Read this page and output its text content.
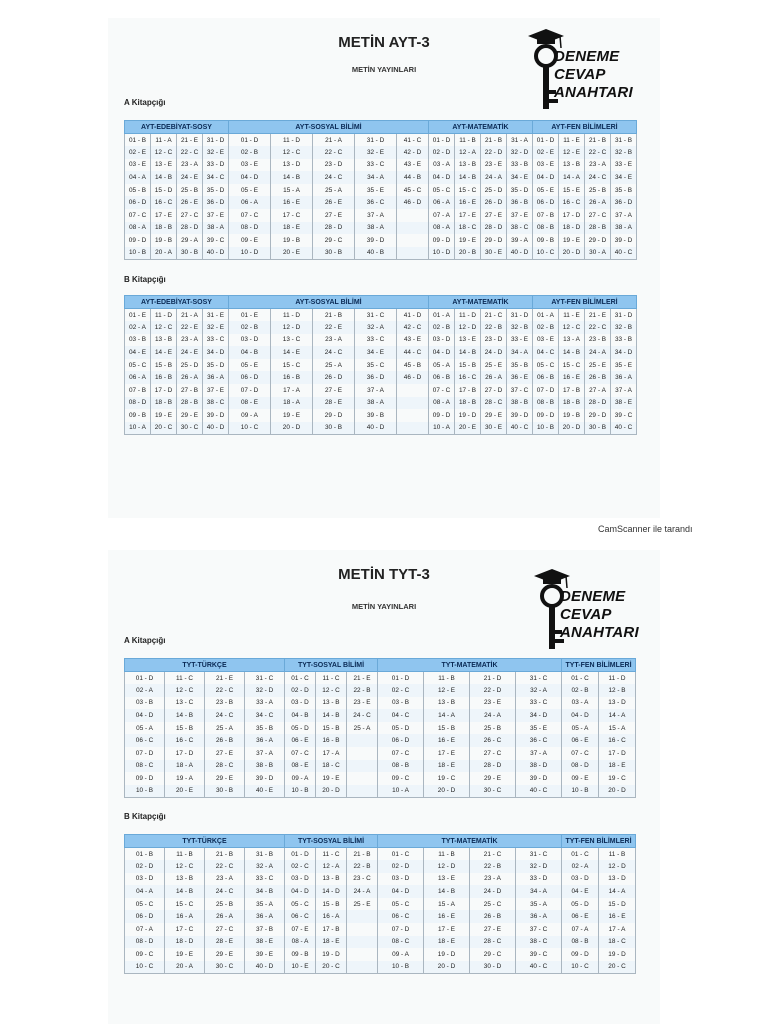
METİN AYT-3
METİN YAYINLARI
DENEME
CEVAP
ANAHTARI
A Kitapçığı
AYT-EDEBİYAT-SOSY				AYT-SOSYAL BİLİMİ					AYT-MATEMATİK				AYT-FEN BİLİMLERİ			
01 - B	11 - A	21 - E	31 - D	01 - D	11 - D	21 - A	31 - D	41 - C	01 - D	11 - B	21 - B	31 - A	01 - D	11 - E	21 - B	31 - B
02 - E	12 - C	22 - C	32 - E	02 - B	12 - C	22 - C	32 - E	42 - D	02 - D	12 - A	22 - D	32 - D	02 - E	12 - E	22 - C	32 - B
03 - E	13 - E	23 - A	33 - D	03 - E	13 - D	23 - D	33 - C	43 - E	03 - A	13 - B	23 - E	33 - B	03 - E	13 - B	23 - A	33 - E
04 - A	14 - B	24 - E	34 - C	04 - D	14 - B	24 - C	34 - A	44 - B	04 - D	14 - B	24 - A	34 - E	04 - D	14 - A	24 - C	34 - E
05 - B	15 - D	25 - B	35 - D	05 - E	15 - A	25 - A	35 - E	45 - C	05 - C	15 - C	25 - D	35 - D	05 - E	15 - E	25 - B	35 - B
06 - D	16 - C	26 - E	36 - D	06 - A	16 - E	26 - E	36 - C	46 - D	06 - A	16 - E	26 - D	36 - B	06 - D	16 - C	26 - A	36 - D
07 - C	17 - E	27 - C	37 - E	07 - C	17 - C	27 - E	37 - A		07 - A	17 - E	27 - E	37 - E	07 - B	17 - D	27 - C	37 - A
08 - A	18 - B	28 - D	38 - A	08 - D	18 - E	28 - D	38 - A		08 - A	18 - C	28 - D	38 - C	08 - B	18 - D	28 - B	38 - A
09 - D	19 - B	29 - A	39 - C	09 - E	19 - B	29 - C	39 - D		09 - D	19 - E	29 - D	39 - A	09 - B	19 - E	29 - D	39 - D
10 - B	20 - A	30 - B	40 - D	10 - D	20 - E	30 - B	40 - B		10 - D	20 - B	30 - E	40 - D	10 - C	20 - D	30 - A	40 - C
B Kitapçığı
AYT-EDEBİYAT-SOSY				AYT-SOSYAL BİLİMİ					AYT-MATEMATİK				AYT-FEN BİLİMLERİ			
01 - E	11 - D	21 - A	31 - E	01 - E	11 - D	21 - B	31 - C	41 - D	01 - A	11 - D	21 - C	31 - D	01 - A	11 - E	21 - E	31 - D
02 - A	12 - C	22 - E	32 - E	02 - B	12 - D	22 - E	32 - A	42 - C	02 - B	12 - D	22 - B	32 - B	02 - B	12 - C	22 - C	32 - B
03 - B	13 - B	23 - A	33 - C	03 - D	13 - C	23 - A	33 - C	43 - E	03 - D	13 - E	23 - D	33 - E	03 - E	13 - A	23 - B	33 - B
04 - E	14 - E	24 - E	34 - D	04 - B	14 - E	24 - C	34 - E	44 - C	04 - D	14 - B	24 - D	34 - A	04 - C	14 - B	24 - A	34 - D
05 - C	15 - B	25 - D	35 - D	05 - E	15 - C	25 - A	35 - C	45 - B	05 - A	15 - B	25 - E	35 - B	05 - C	15 - C	25 - E	35 - E
06 - A	16 - B	26 - A	36 - A	06 - D	16 - B	26 - D	36 - D	46 - D	06 - B	16 - C	26 - A	36 - E	06 - B	16 - E	26 - B	36 - A
07 - B	17 - D	27 - B	37 - E	07 - D	17 - A	27 - E	37 - A		07 - C	17 - B	27 - D	37 - C	07 - D	17 - B	27 - A	37 - A
08 - D	18 - B	28 - B	38 - C	08 - E	18 - A	28 - E	38 - A		08 - A	18 - B	28 - C	38 - B	08 - B	18 - B	28 - D	38 - E
09 - B	19 - E	29 - E	39 - D	09 - A	19 - E	29 - D	39 - B		09 - D	19 - D	29 - E	39 - D	09 - D	19 - B	29 - D	39 - C
10 - A	20 - C	30 - C	40 - D	10 - C	20 - D	30 - B	40 - D		10 - A	20 - E	30 - E	40 - C	10 - B	20 - D	30 - B	40 - C
CamScanner ile tarandı
METİN TYT-3
METİN YAYINLARI
DENEME
CEVAP
ANAHTARI
A Kitapçığı
TYT-TÜRKÇE				TYT-SOSYAL BİLİMİ			TYT-MATEMATİK				TYT-FEN BİLİMLERİ	
01 - D	11 - C	21 - E	31 - C	01 - C	11 - C	21 - E	01 - D	11 - B	21 - D	31 - C	01 - C	11 - D
02 - A	12 - C	22 - C	32 - D	02 - D	12 - C	22 - B	02 - C	12 - E	22 - D	32 - A	02 - B	12 - B
03 - B	13 - C	23 - B	33 - A	03 - D	13 - B	23 - E	03 - B	13 - B	23 - E	33 - C	03 - A	13 - D
04 - D	14 - B	24 - C	34 - C	04 - B	14 - B	24 - C	04 - C	14 - A	24 - A	34 - D	04 - D	14 - A
05 - A	15 - B	25 - A	35 - B	05 - D	15 - B	25 - A	05 - D	15 - B	25 - B	35 - E	05 - A	15 - A
06 - C	16 - C	26 - B	36 - A	06 - E	16 - B		06 - D	16 - E	26 - C	36 - C	06 - E	16 - C
07 - D	17 - D	27 - E	37 - A	07 - C	17 - A		07 - C	17 - E	27 - C	37 - A	07 - C	17 - D
08 - C	18 - A	28 - C	38 - B	08 - E	18 - C		08 - B	18 - E	28 - D	38 - D	08 - D	18 - E
09 - D	19 - A	29 - E	39 - D	09 - A	19 - E		09 - C	19 - C	29 - E	39 - D	09 - E	19 - C
10 - B	20 - E	30 - B	40 - E	10 - B	20 - D		10 - A	20 - D	30 - C	40 - C	10 - B	20 - D
B Kitapçığı
TYT-TÜRKÇE				TYT-SOSYAL BİLİMİ			TYT-MATEMATİK				TYT-FEN BİLİMLERİ	
01 - B	11 - B	21 - B	31 - B	01 - D	11 - C	21 - B	01 - C	11 - B	21 - C	31 - C	01 - C	11 - B
02 - D	12 - C	22 - C	32 - A	02 - C	12 - A	22 - B	02 - D	12 - D	22 - B	32 - D	02 - A	12 - D
03 - D	13 - B	23 - A	33 - C	03 - D	13 - B	23 - C	03 - D	13 - E	23 - A	33 - D	03 - D	13 - D
04 - A	14 - B	24 - C	34 - B	04 - D	14 - D	24 - A	04 - D	14 - B	24 - D	34 - A	04 - E	14 - A
05 - C	15 - C	25 - B	35 - A	05 - C	15 - B	25 - E	05 - C	15 - A	25 - C	35 - A	05 - D	15 - D
06 - D	16 - A	26 - A	36 - A	06 - C	16 - A		06 - C	16 - E	26 - B	36 - A	06 - E	16 - E
07 - A	17 - C	27 - C	37 - B	07 - E	17 - B		07 - D	17 - E	27 - E	37 - C	07 - A	17 - A
08 - D	18 - D	28 - E	38 - E	08 - A	18 - E		08 - C	18 - E	28 - C	38 - C	08 - B	18 - C
09 - C	19 - E	29 - E	39 - E	09 - B	19 - D		09 - A	19 - D	29 - C	39 - C	09 - D	19 - D
10 - C	20 - A	30 - C	40 - D	10 - E	20 - C		10 - B	20 - D	30 - D	40 - C	10 - C	20 - C
